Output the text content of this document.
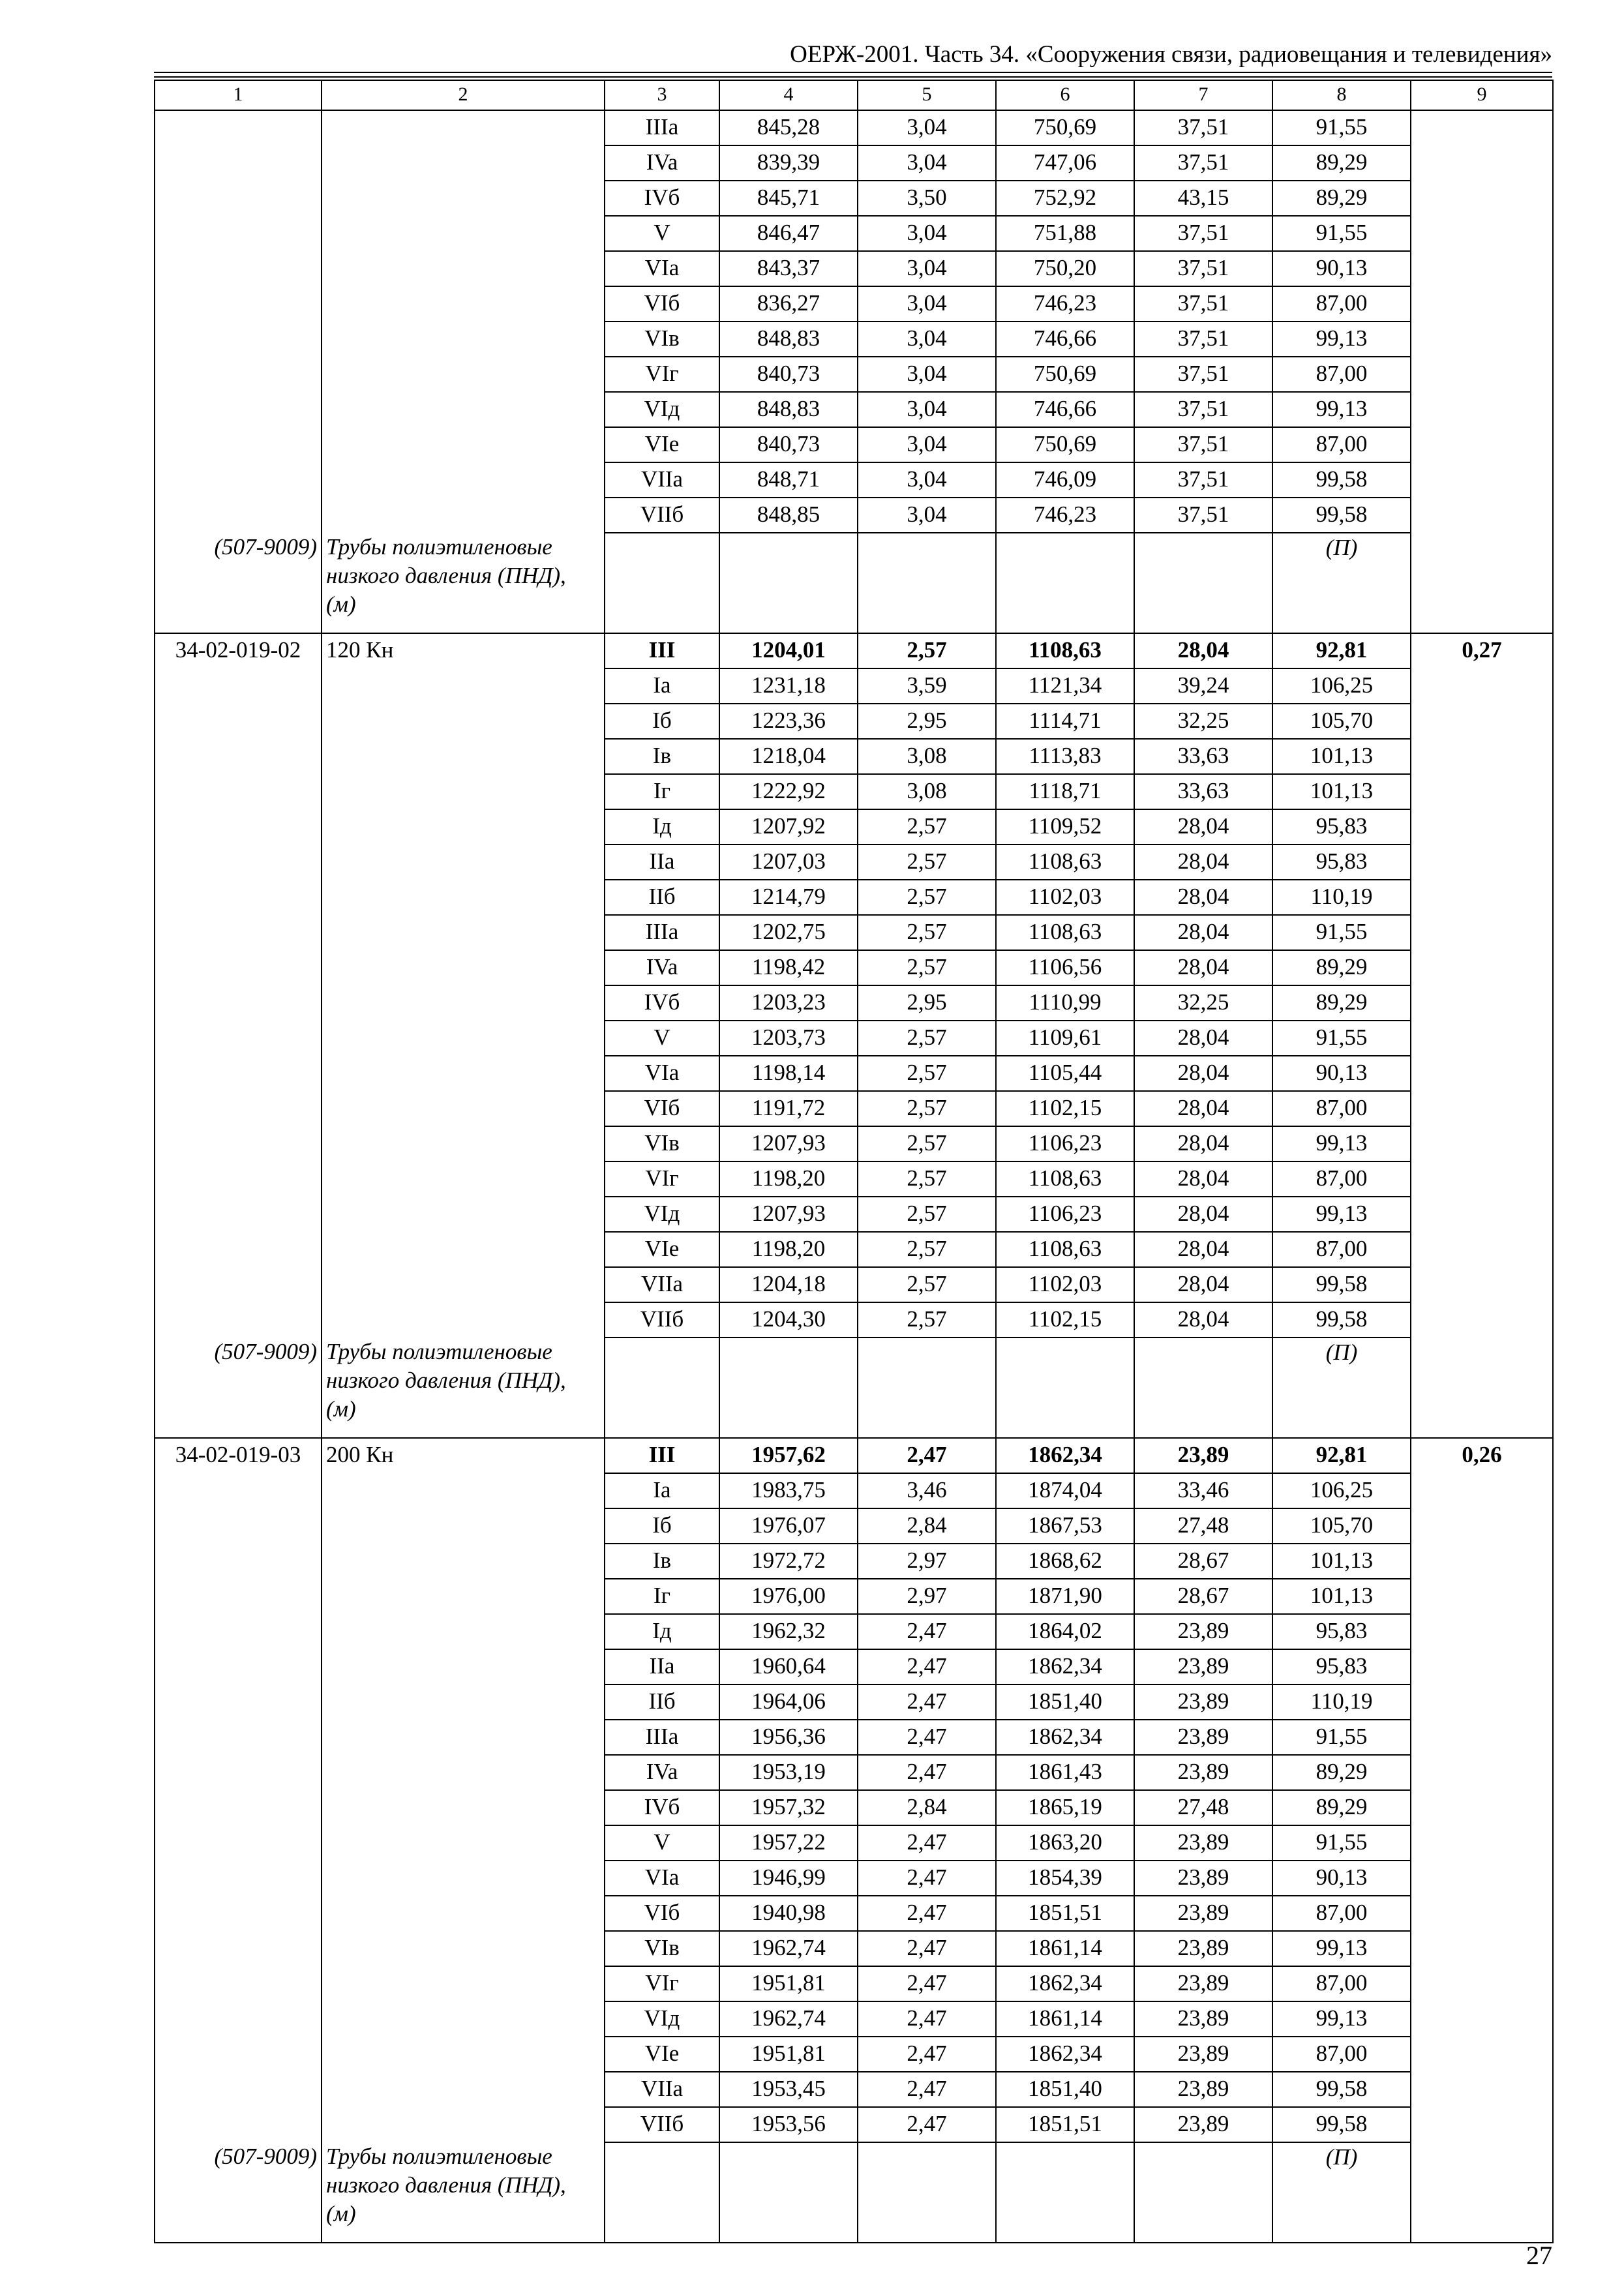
ОЕРЖ-2001. Часть 34. «Сооружения связи, радиовещания и телевидения»
1	2	3	4	5	6	7	8	9
		IIIa	845,28	3,04	750,69	37,51	91,55	
		IVa	839,39	3,04	747,06	37,51	89,29	
		IVб	845,71	3,50	752,92	43,15	89,29	
		V	846,47	3,04	751,88	37,51	91,55	
		VIa	843,37	3,04	750,20	37,51	90,13	
		VIб	836,27	3,04	746,23	37,51	87,00	
		VIв	848,83	3,04	746,66	37,51	99,13	
		VIг	840,73	3,04	750,69	37,51	87,00	
		VIд	848,83	3,04	746,66	37,51	99,13	
		VIe	840,73	3,04	750,69	37,51	87,00	
		VIIa	848,71	3,04	746,09	37,51	99,58	
		VIIб	848,85	3,04	746,23	37,51	99,58	
(507-9009)	Трубы полиэтиленовые низкого давления (ПНД), (м)						(П)	
34-02-019-02	120 Кн	III	1204,01	2,57	1108,63	28,04	92,81	0,27
		Ia	1231,18	3,59	1121,34	39,24	106,25	
		Iб	1223,36	2,95	1114,71	32,25	105,70	
		Iв	1218,04	3,08	1113,83	33,63	101,13	
		Iг	1222,92	3,08	1118,71	33,63	101,13	
		Iд	1207,92	2,57	1109,52	28,04	95,83	
		IIa	1207,03	2,57	1108,63	28,04	95,83	
		IIб	1214,79	2,57	1102,03	28,04	110,19	
		IIIa	1202,75	2,57	1108,63	28,04	91,55	
		IVa	1198,42	2,57	1106,56	28,04	89,29	
		IVб	1203,23	2,95	1110,99	32,25	89,29	
		V	1203,73	2,57	1109,61	28,04	91,55	
		VIa	1198,14	2,57	1105,44	28,04	90,13	
		VIб	1191,72	2,57	1102,15	28,04	87,00	
		VIв	1207,93	2,57	1106,23	28,04	99,13	
		VIг	1198,20	2,57	1108,63	28,04	87,00	
		VIд	1207,93	2,57	1106,23	28,04	99,13	
		VIe	1198,20	2,57	1108,63	28,04	87,00	
		VIIa	1204,18	2,57	1102,03	28,04	99,58	
		VIIб	1204,30	2,57	1102,15	28,04	99,58	
(507-9009)	Трубы полиэтиленовые низкого давления (ПНД), (м)						(П)	
34-02-019-03	200 Кн	III	1957,62	2,47	1862,34	23,89	92,81	0,26
		Ia	1983,75	3,46	1874,04	33,46	106,25	
		Iб	1976,07	2,84	1867,53	27,48	105,70	
		Iв	1972,72	2,97	1868,62	28,67	101,13	
		Iг	1976,00	2,97	1871,90	28,67	101,13	
		Iд	1962,32	2,47	1864,02	23,89	95,83	
		IIa	1960,64	2,47	1862,34	23,89	95,83	
		IIб	1964,06	2,47	1851,40	23,89	110,19	
		IIIa	1956,36	2,47	1862,34	23,89	91,55	
		IVa	1953,19	2,47	1861,43	23,89	89,29	
		IVб	1957,32	2,84	1865,19	27,48	89,29	
		V	1957,22	2,47	1863,20	23,89	91,55	
		VIa	1946,99	2,47	1854,39	23,89	90,13	
		VIб	1940,98	2,47	1851,51	23,89	87,00	
		VIв	1962,74	2,47	1861,14	23,89	99,13	
		VIг	1951,81	2,47	1862,34	23,89	87,00	
		VIд	1962,74	2,47	1861,14	23,89	99,13	
		VIe	1951,81	2,47	1862,34	23,89	87,00	
		VIIa	1953,45	2,47	1851,40	23,89	99,58	
		VIIб	1953,56	2,47	1851,51	23,89	99,58	
(507-9009)	Трубы полиэтиленовые низкого давления (ПНД), (м)						(П)	
27
